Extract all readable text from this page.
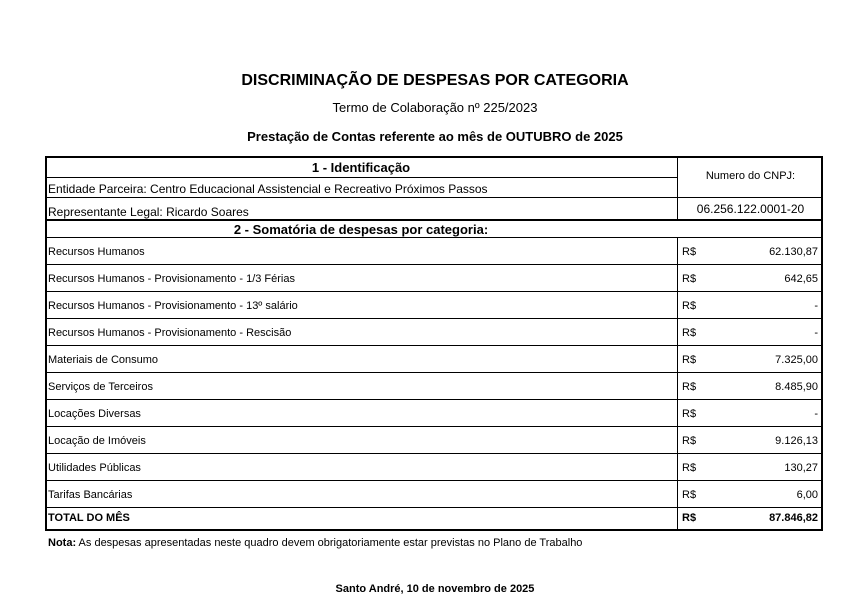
DISCRIMINAÇÃO DE DESPESAS POR CATEGORIA
Termo de Colaboração nº 225/2023
Prestação de Contas referente ao mês de OUTUBRO de 2025
1 - Identificação
Entidade Parceira: Centro Educacional Assistencial e Recreativo Próximos Passos
Representante Legal: Ricardo Soares
Numero do CNPJ:
06.256.122.0001-20
2 - Somatória de despesas por categoria:
Recursos Humanos	R$	62.130,87
Recursos Humanos - Provisionamento - 1/3 Férias	R$	642,65
Recursos Humanos - Provisionamento - 13º salário	R$	-
Recursos Humanos - Provisionamento - Rescisão	R$	-
Materiais de Consumo	R$	7.325,00
Serviços de Terceiros	R$	8.485,90
Locações Diversas	R$	-
Locação de Imóveis	R$	9.126,13
Utilidades Públicas	R$	130,27
Tarifas Bancárias	R$	6,00
TOTAL DO MÊS	R$	87.846,82
Nota: As despesas apresentadas neste quadro devem obrigatoriamente estar previstas no Plano de Trabalho
Santo André, 10 de novembro de 2025
